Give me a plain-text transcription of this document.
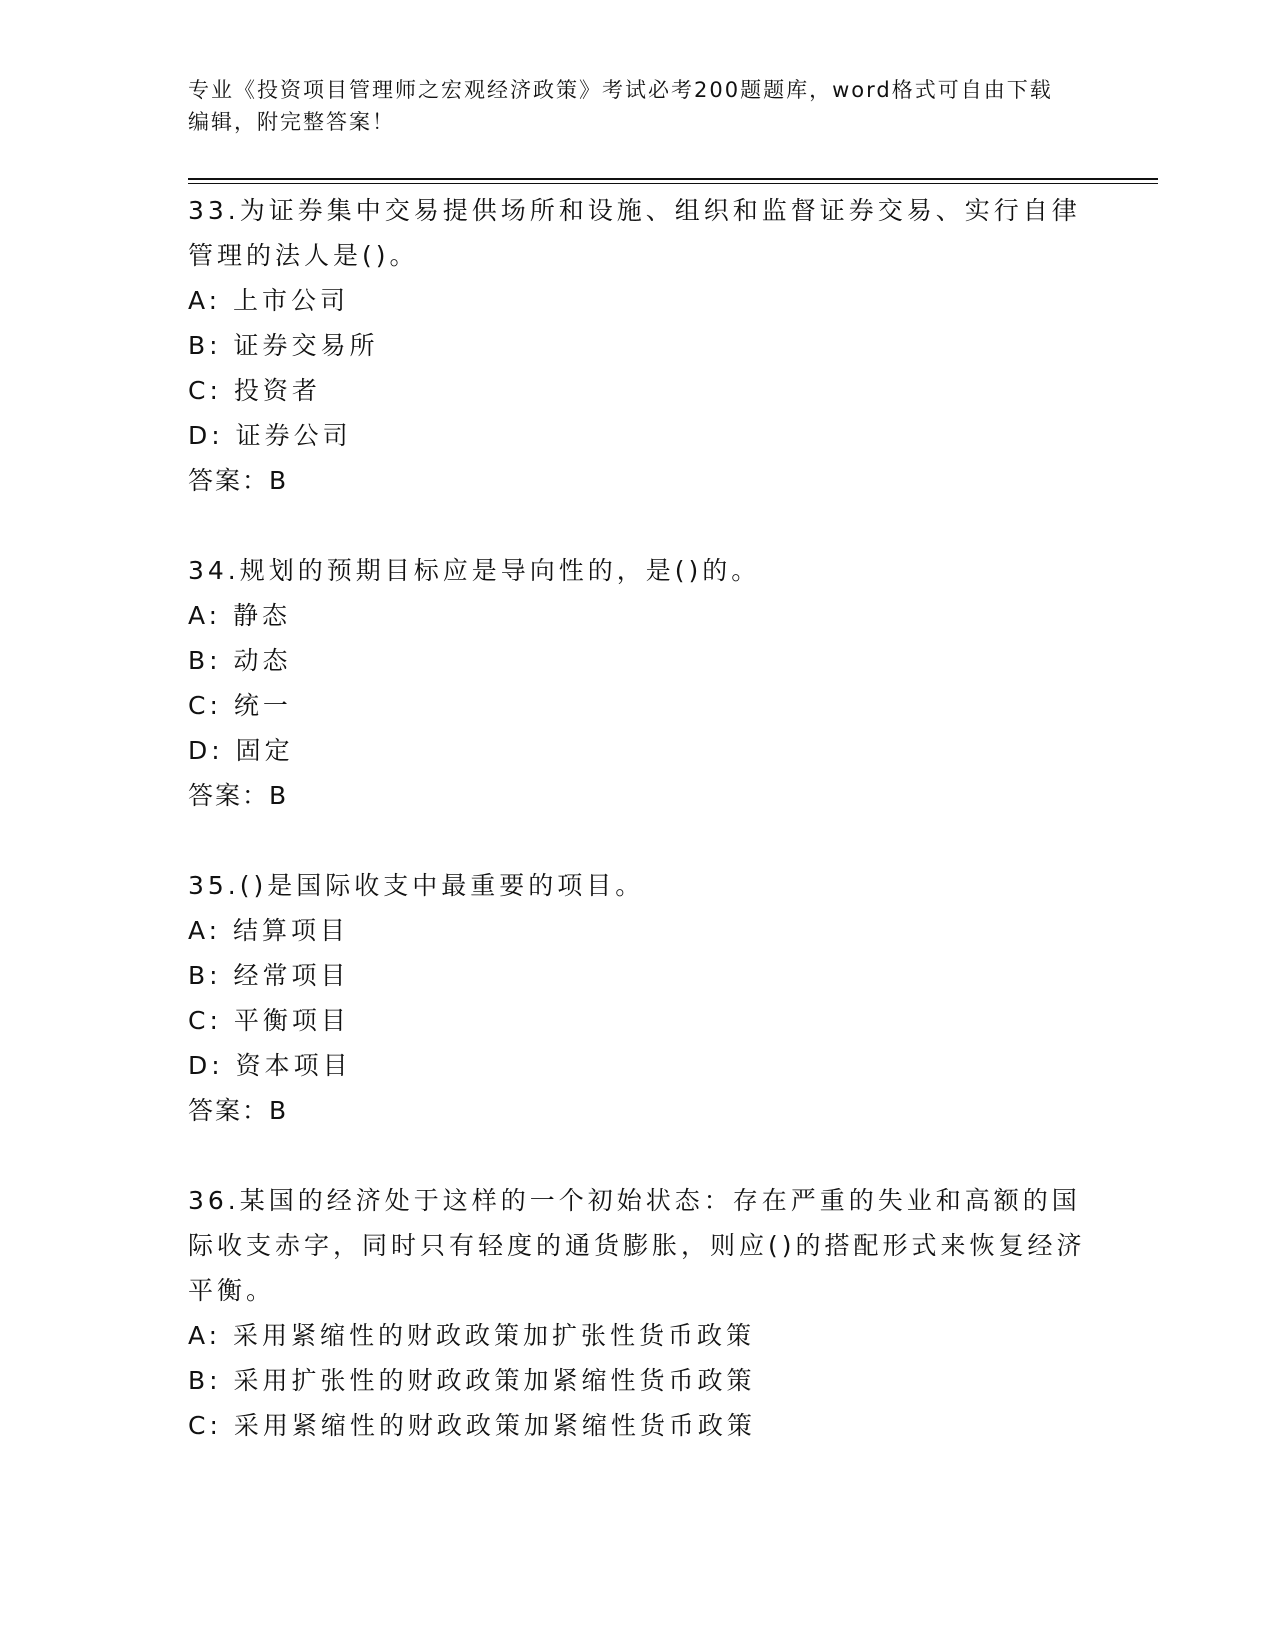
专业《投资项目管理师之宏观经济政策》考试必考200题题库，word格式可自由下载编辑，附完整答案！

33.为证券集中交易提供场所和设施、组织和监督证券交易、实行自律管理的法人是()。

A: 上市公司
B: 证券交易所
C: 投资者
D: 证券公司
答案：B

34.规划的预期目标应是导向性的，是()的。

A: 静态
B: 动态
C: 统一
D: 固定
答案：B

35.()是国际收支中最重要的项目。

A: 结算项目
B: 经常项目
C: 平衡项目
D: 资本项目
答案：B

36.某国的经济处于这样的一个初始状态：存在严重的失业和高额的国际收支赤字，同时只有轻度的通货膨胀，则应()的搭配形式来恢复经济平衡。

A: 采用紧缩性的财政政策加扩张性货币政策
B: 采用扩张性的财政政策加紧缩性货币政策
C: 采用紧缩性的财政政策加紧缩性货币政策
